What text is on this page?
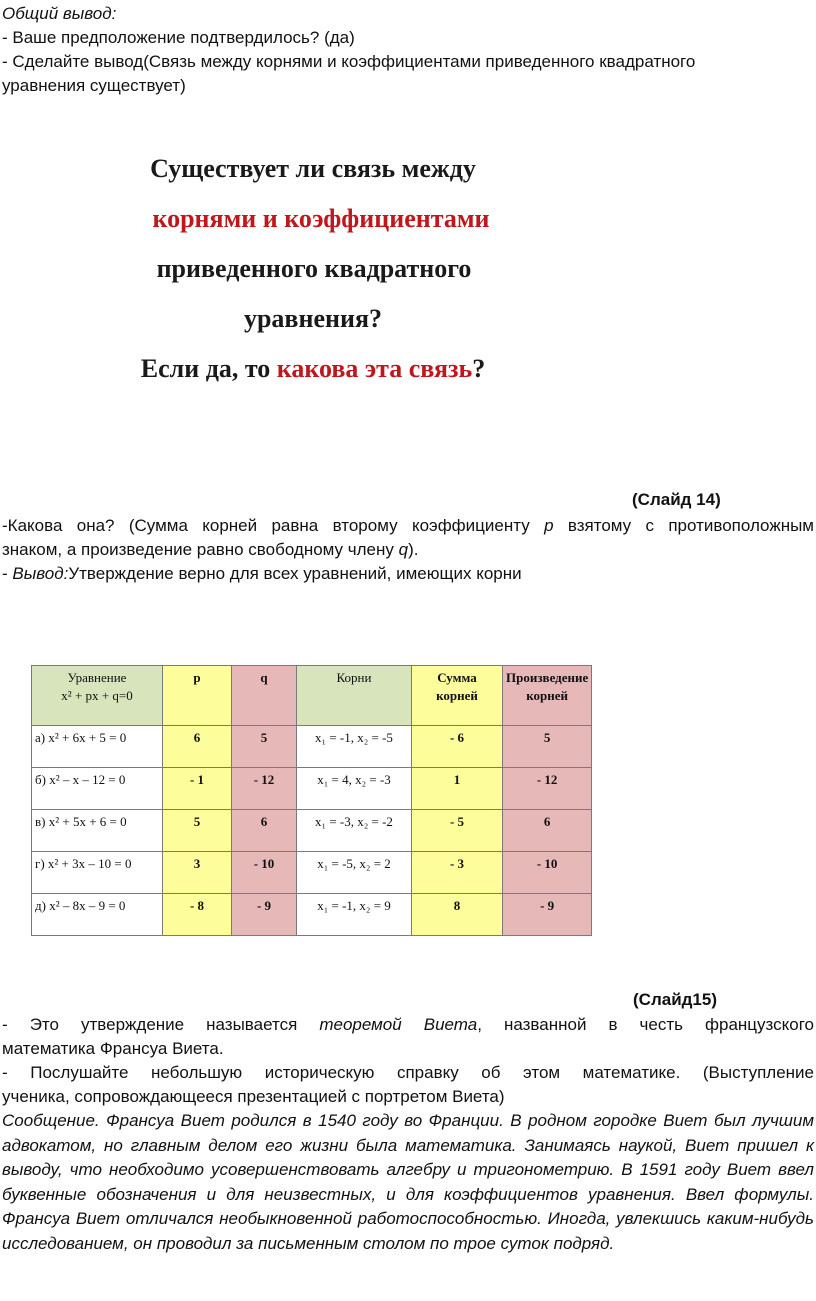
Общий вывод:
- Ваше предположение подтвердилось? (да)
- Сделайте вывод(Связь между корнями и коэффициентами приведенного квадратного
уравнения существует)
Существует ли связь между
корнями и коэффициентами
приведенного квадратного
уравнения?
Если да, то какова эта связь?
(Слайд 14)
-Какова она? (Сумма корней равна второму коэффициенту p взятому с противоположным
знаком, а произведение равно свободному члену q).
- Вывод:Утверждение верно для всех уравнений, имеющих корни
Уравнение
x² + px + q=0	p	q	Корни	Сумма корней	Произведение корней
а) x² + 6x + 5 = 0	6	5	x₁ = -1, x₂ = -5	- 6	5
б) x² – x – 12 = 0	- 1	- 12	x₁ = 4, x₂ = -3	1	- 12
в) x² + 5x + 6 = 0	5	6	x₁ = -3, x₂ = -2	- 5	6
г) x² + 3x – 10 = 0	3	- 10	x₁ = -5, x₂ = 2	- 3	- 10
д) x² – 8x – 9 = 0	- 8	- 9	x₁ = -1, x₂ = 9	8	- 9
(Слайд15)
- Это утверждение называется теоремой Виета, названной в честь французского
математика Франсуа Виета.
- Послушайте небольшую историческую справку об этом математике. (Выступление
ученика, сопровождающееся презентацией с портретом Виета)
Сообщение. Франсуа Виет родился в 1540 году во Франции. В родном городке Виет был лучшим адвокатом, но главным делом его жизни была математика. Занимаясь наукой, Виет пришел к выводу, что необходимо усовершенствовать алгебру и тригонометрию. В 1591 году Виет ввел буквенные обозначения и для неизвестных, и для коэффициентов уравнения. Ввел формулы. Франсуа Виет отличался необыкновенной работоспособностью. Иногда, увлекшись каким-нибудь исследованием, он проводил за письменным столом по трое суток подряд.
